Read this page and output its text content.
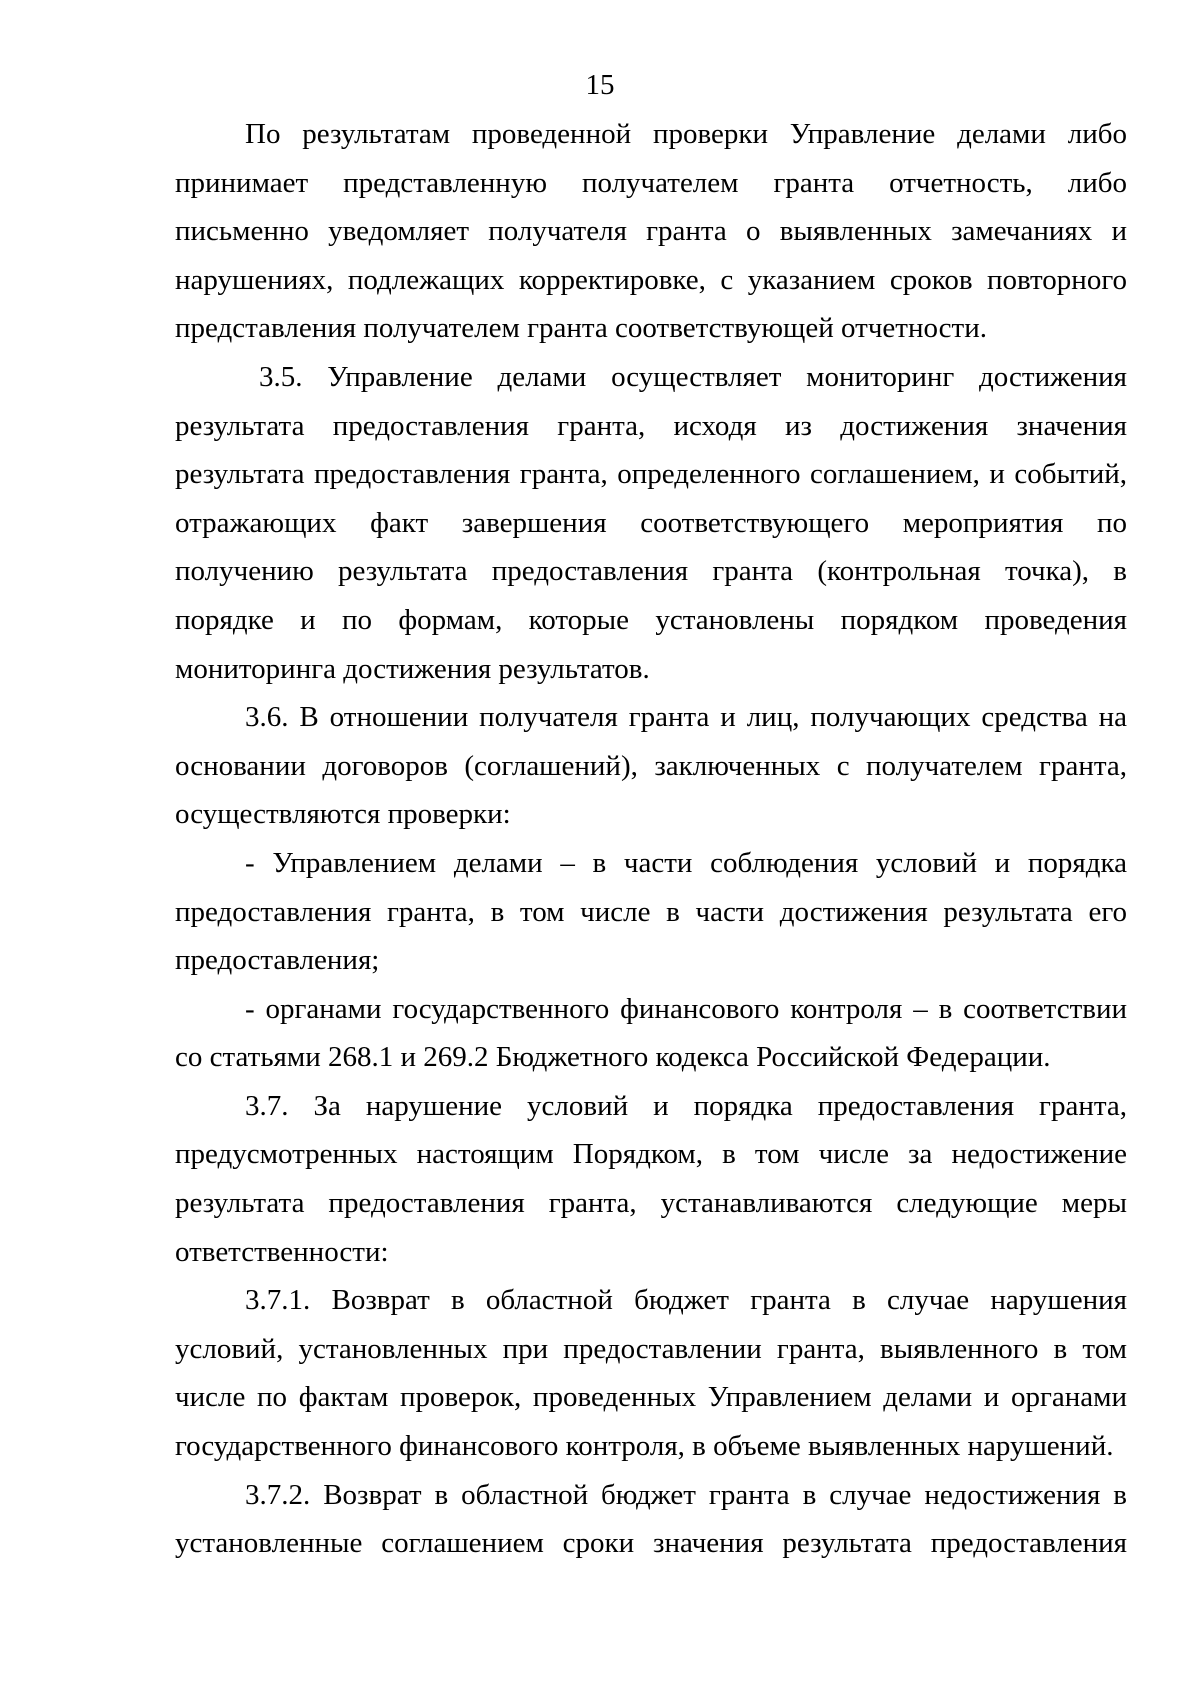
15

По результатам проведенной проверки Управление делами либо принимает представленную получателем гранта отчетность, либо письменно уведомляет получателя гранта о выявленных замечаниях и нарушениях, подлежащих корректировке, с указанием сроков повторного представления получателем гранта соответствующей отчетности.

3.5. Управление делами осуществляет мониторинг достижения результата предоставления гранта, исходя из достижения значения результата предоставления гранта, определенного соглашением, и событий, отражающих факт завершения соответствующего мероприятия по получению результата предоставления гранта (контрольная точка), в порядке и по формам, которые установлены порядком проведения мониторинга достижения результатов.

3.6. В отношении получателя гранта и лиц, получающих средства на основании договоров (соглашений), заключенных с получателем гранта, осуществляются проверки:

- Управлением делами – в части соблюдения условий и порядка предоставления гранта, в том числе в части достижения результата его предоставления;

- органами государственного финансового контроля – в соответствии со статьями 268.1 и 269.2 Бюджетного кодекса Российской Федерации.

3.7. За нарушение условий и порядка предоставления гранта, предусмотренных настоящим Порядком, в том числе за недостижение результата предоставления гранта, устанавливаются следующие меры ответственности:

3.7.1. Возврат в областной бюджет гранта в случае нарушения условий, установленных при предоставлении гранта, выявленного в том числе по фактам проверок, проведенных Управлением делами и органами государственного финансового контроля, в объеме выявленных нарушений.

3.7.2. Возврат в областной бюджет гранта в случае недостижения в установленные соглашением сроки значения результата предоставления
